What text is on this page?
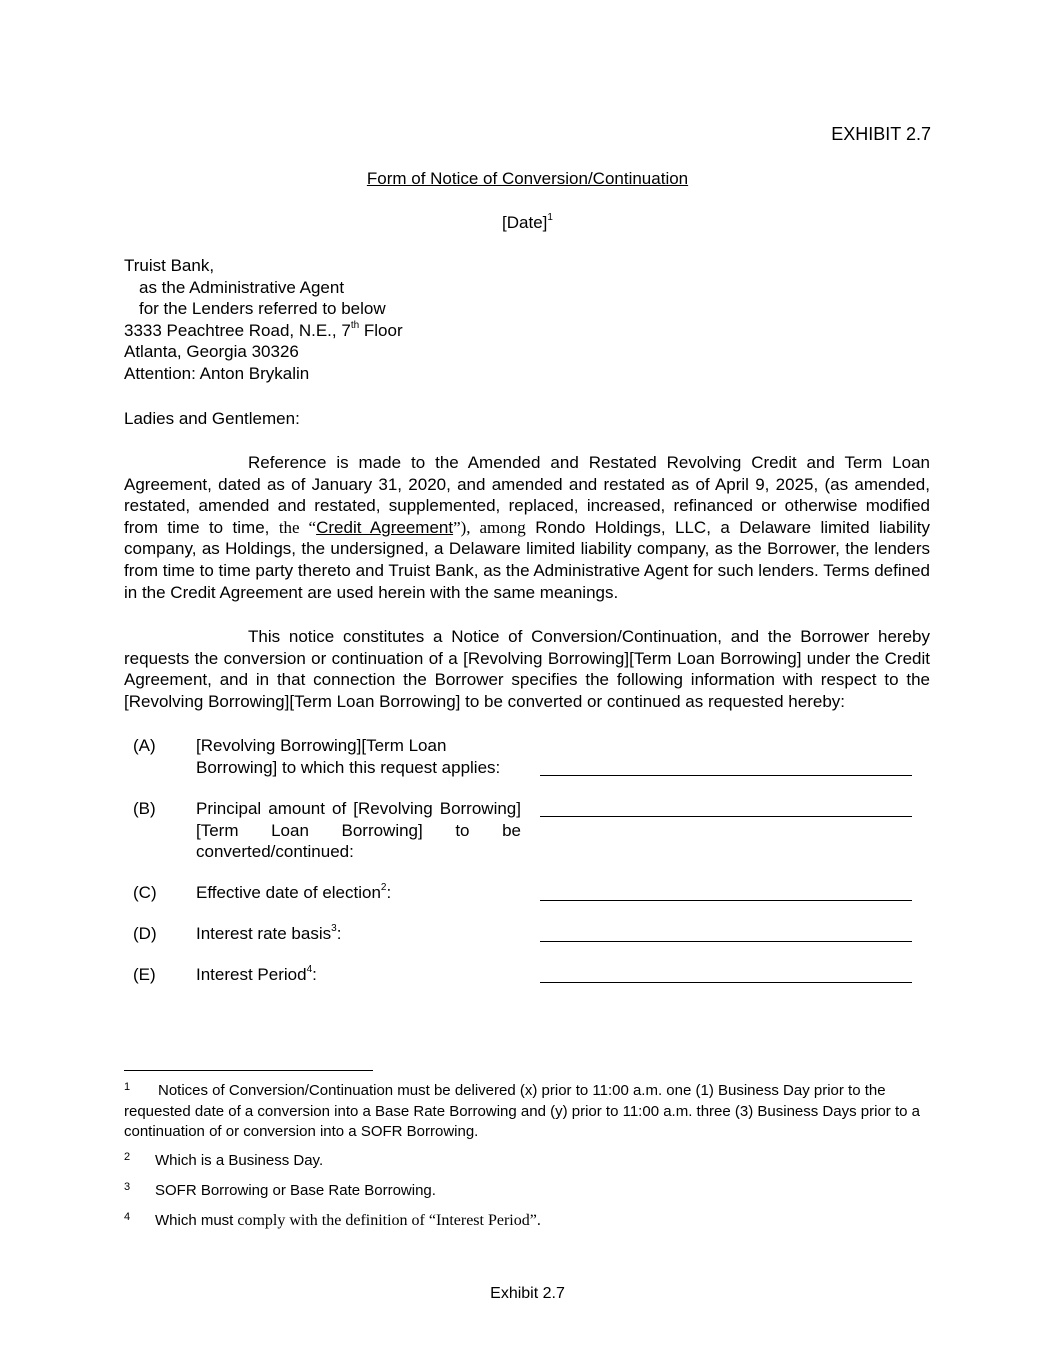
EXHIBIT 2.7
Form of Notice of Conversion/Continuation
[Date]$^1$
Truist Bank,
as the Administrative Agent
for the Lenders referred to below
3333 Peachtree Road, N.E., 7th Floor
Atlanta, Georgia 30326
Attention: Anton Brykalin
Ladies and Gentlemen:
Reference is made to the Amended and Restated Revolving Credit and Term Loan Agreement, dated as of January 31, 2020, and amended and restated as of April 9, 2025, (as amended, restated, amended and restated, supplemented, replaced, increased, refinanced or otherwise modified from time to time, the “Credit Agreement”), among Rondo Holdings, LLC, a Delaware limited liability company, as Holdings, the undersigned, a Delaware limited liability company, as the Borrower, the lenders from time to time party thereto and Truist Bank, as the Administrative Agent for such lenders. Terms defined in the Credit Agreement are used herein with the same meanings.
This notice constitutes a Notice of Conversion/Continuation, and the Borrower hereby requests the conversion or continuation of a [Revolving Borrowing][Term Loan Borrowing] under the Credit Agreement, and in that connection the Borrower specifies the following information with respect to the [Revolving Borrowing][Term Loan Borrowing] to be converted or continued as requested hereby:
(A) [Revolving Borrowing][Term Loan
Borrowing] to which this request applies:
(B) Principal amount of [Revolving Borrowing] [Term Loan Borrowing] to be converted/continued:
(C) Effective date of election$^2$:
(D) Interest rate basis$^3$:
(E) Interest Period$^4$:
1 Notices of Conversion/Continuation must be delivered (x) prior to 11:00 a.m. one (1) Business Day prior to the requested date of a conversion into a Base Rate Borrowing and (y) prior to 11:00 a.m. three (3) Business Days prior to a continuation of or conversion into a SOFR Borrowing.
2 Which is a Business Day.
3 SOFR Borrowing or Base Rate Borrowing.
4 Which must comply with the definition of “Interest Period”.
Exhibit 2.7
